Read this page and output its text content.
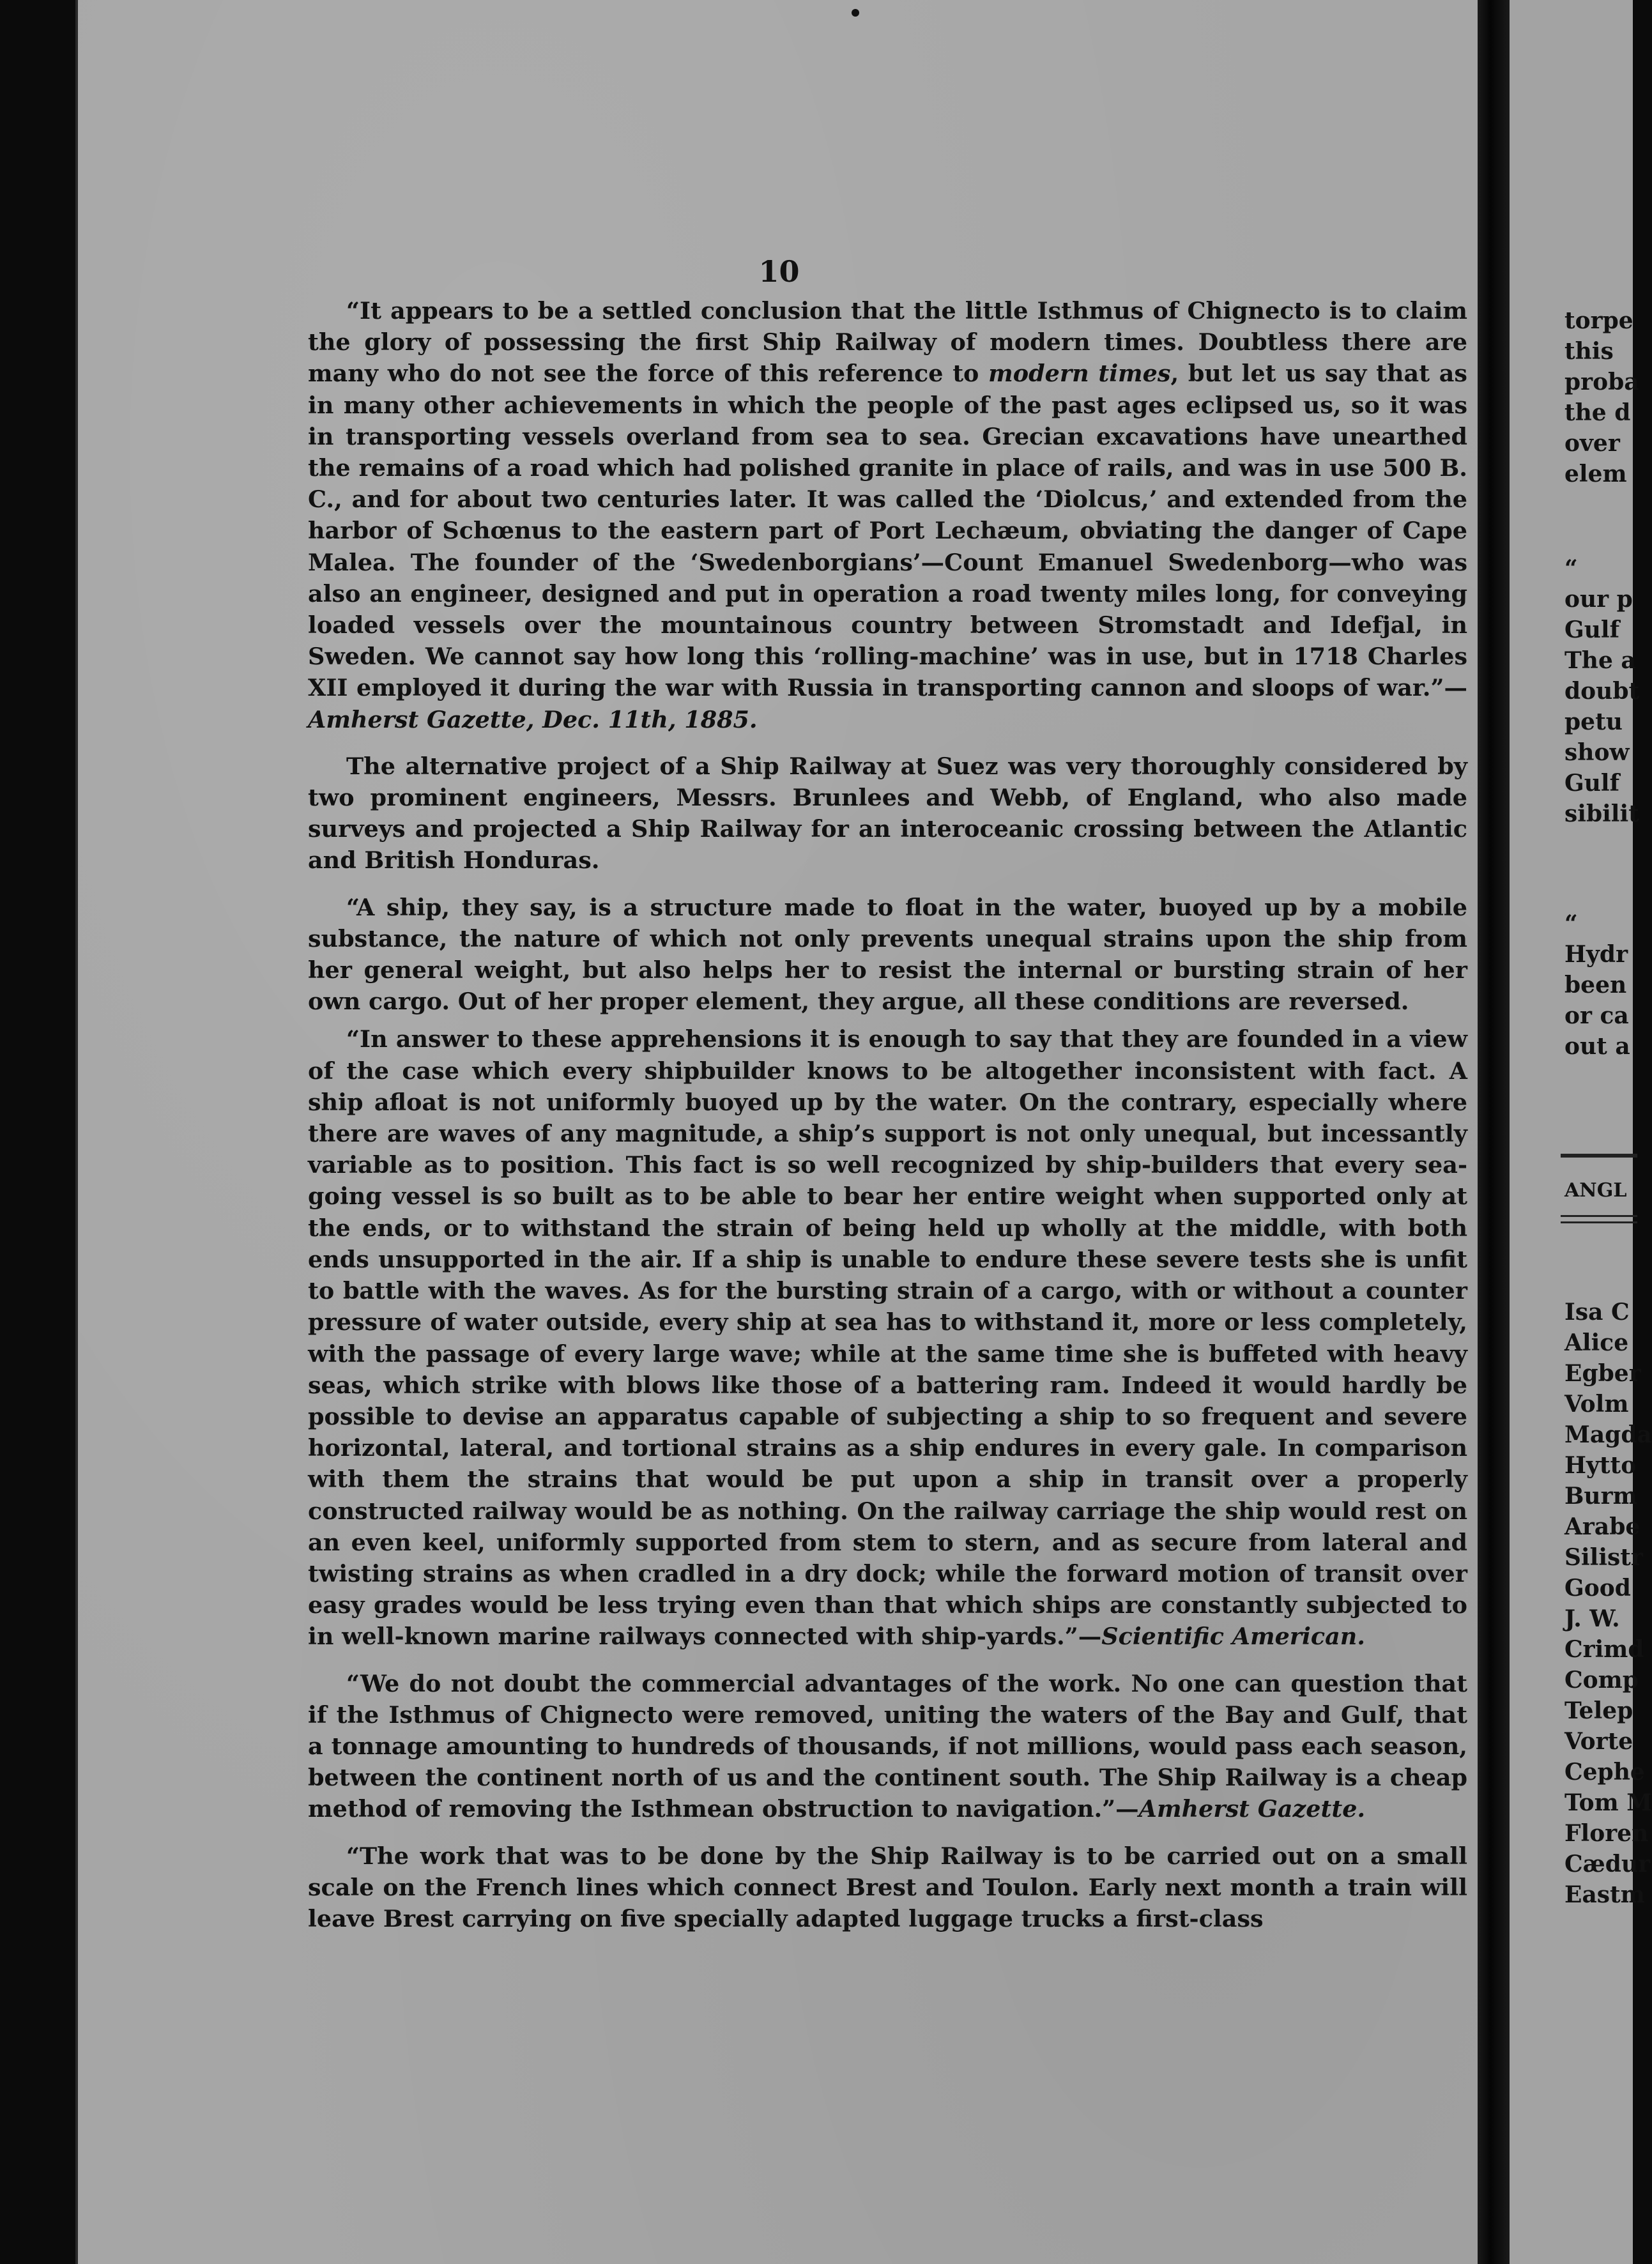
10

“It appears to be a settled conclusion that the little Isthmus of Chignecto is to claim the glory of possessing the first Ship Railway of modern times. Doubtless there are many who do not see the force of this reference to modern times, but let us say that as in many other achievements in which the people of the past ages eclipsed us, so it was in transporting vessels overland from sea to sea. Grecian excavations have unearthed the remains of a road which had polished granite in place of rails, and was in use 500 B. C., and for about two centuries later. It was called the ‘Diolcus,’ and extended from the harbor of Schœnus to the eastern part of Port Lechæum, obviating the danger of Cape Malea. The founder of the ‘Swedenborgians’—Count Emanuel Swedenborg—who was also an engineer, designed and put in operation a road twenty miles long, for conveying loaded vessels over the mountainous country between Stromstadt and Idefjal, in Sweden. We cannot say how long this ‘rolling-machine’ was in use, but in 1718 Charles XII employed it during the war with Russia in transporting cannon and sloops of war.”—Amherst Gazette, Dec. 11th, 1885.

The alternative project of a Ship Railway at Suez was very thoroughly considered by two prominent engineers, Messrs. Brunlees and Webb, of England, who also made surveys and projected a Ship Railway for an interoceanic crossing between the Atlantic and British Honduras.

“A ship, they say, is a structure made to float in the water, buoyed up by a mobile substance, the nature of which not only prevents unequal strains upon the ship from her general weight, but also helps her to resist the internal or bursting strain of her own cargo. Out of her proper element, they argue, all these conditions are reversed.

“In answer to these apprehensions it is enough to say that they are founded in a view of the case which every shipbuilder knows to be altogether inconsistent with fact. A ship afloat is not uniformly buoyed up by the water. On the contrary, especially where there are waves of any magnitude, a ship’s support is not only unequal, but incessantly variable as to position. This fact is so well recognized by ship-builders that every sea-going vessel is so built as to be able to bear her entire weight when supported only at the ends, or to withstand the strain of being held up wholly at the middle, with both ends unsupported in the air. If a ship is unable to endure these severe tests she is unfit to battle with the waves. As for the bursting strain of a cargo, with or without a counter pressure of water outside, every ship at sea has to withstand it, more or less completely, with the passage of every large wave; while at the same time she is buffeted with heavy seas, which strike with blows like those of a battering ram. Indeed it would hardly be possible to devise an apparatus capable of subjecting a ship to so frequent and severe horizontal, lateral, and tortional strains as a ship endures in every gale. In comparison with them the strains that would be put upon a ship in transit over a properly constructed railway would be as nothing. On the railway carriage the ship would rest on an even keel, uniformly supported from stem to stern, and as secure from lateral and twisting strains as when cradled in a dry dock; while the forward motion of transit over easy grades would be less trying even than that which ships are constantly subjected to in well-known marine railways connected with ship-yards.”—Scientific American.

“We do not doubt the commercial advantages of the work. No one can question that if the Isthmus of Chignecto were removed, uniting the waters of the Bay and Gulf, that a tonnage amounting to hundreds of thousands, if not millions, would pass each season, between the continent north of us and the continent south. The Ship Railway is a cheap method of removing the Isthmean obstruction to navigation.”—Amherst Gazette.

“The work that was to be done by the Ship Railway is to be carried out on a small scale on the French lines which connect Brest and Toulon. Early next month a train will leave Brest carrying on five specially adapted luggage trucks a first-class

torpe
this
proba
the d
over
elem
“
our p
Gulf
The a
doubt
petu
show
Gulf
sibilit
“
Hydr
been
or ca
out a
ANGL
Isa C
Alice
Egber
Volm
Magda
Hytto
Burm
Arabe
Silistr
Good
J. W.
Crimd
Comp
Telep
Vorte
Cephe
Tom M
Floren
Cædur
Eastm
